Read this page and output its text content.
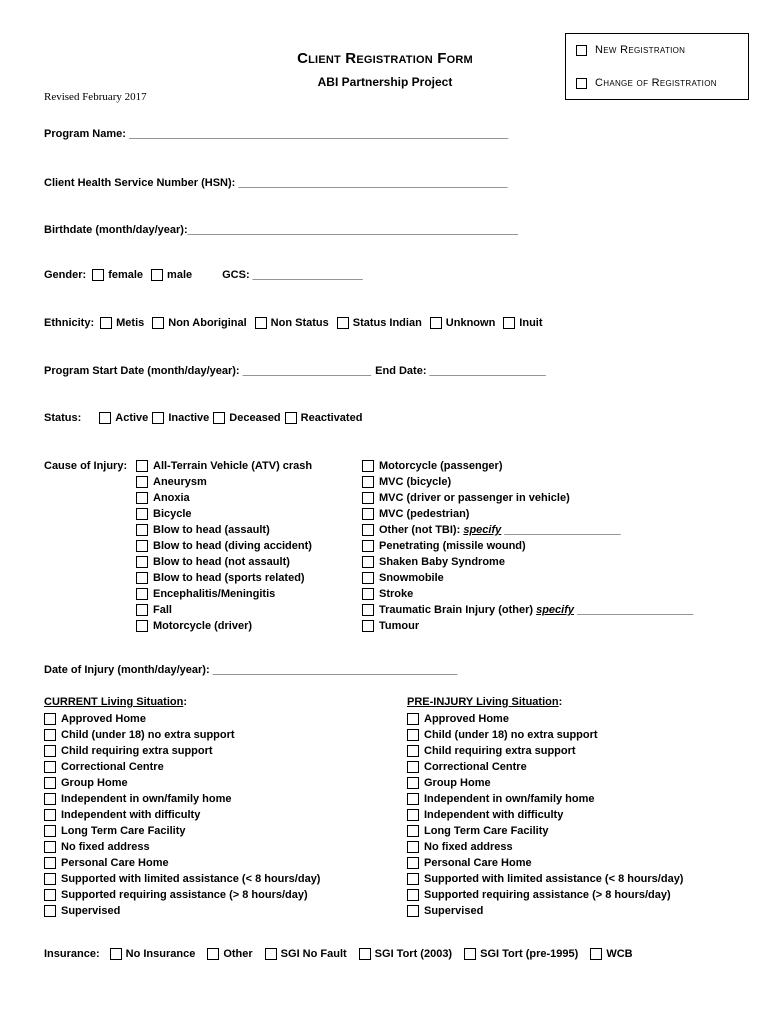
Client Registration Form
ABI Partnership Project
Revised February 2017
New Registration
Change of Registration
Program Name: ______________________________________________________________
Client Health Service Number (HSN): ____________________________________________
Birthdate (month/day/year):______________________________________________________
Gender: female male	GCS: __________________
Ethnicity: Metis Non Aboriginal Non Status Status Indian Unknown Inuit
Program Start Date (month/day/year): _____________________ End Date: ___________________
Status:	Active Inactive Deceased Reactivated
Cause of Injury: All-Terrain Vehicle (ATV) crash
Aneurysm
Anoxia
Bicycle
Blow to head (assault)
Blow to head (diving accident)
Blow to head (not assault)
Blow to head (sports related)
Encephalitis/Meningitis
Fall
Motorcycle (driver)
Motorcycle (passenger)
MVC (bicycle)
MVC (driver or passenger in vehicle)
MVC (pedestrian)
Other (not TBI): specify ___________________
Penetrating (missile wound)
Shaken Baby Syndrome
Snowmobile
Stroke
Traumatic Brain Injury (other) specify ___________________
Tumour
Date of Injury (month/day/year): ________________________________________
CURRENT Living Situation:
Approved Home
Child (under 18) no extra support
Child requiring extra support
Correctional Centre
Group Home
Independent in own/family home
Independent with difficulty
Long Term Care Facility
No fixed address
Personal Care Home
Supported with limited assistance (< 8 hours/day)
Supported requiring assistance (> 8 hours/day)
Supervised
PRE-INJURY Living Situation:
Approved Home
Child (under 18) no extra support
Child requiring extra support
Correctional Centre
Group Home
Independent in own/family home
Independent with difficulty
Long Term Care Facility
No fixed address
Personal Care Home
Supported with limited assistance (< 8 hours/day)
Supported requiring assistance (> 8 hours/day)
Supervised
Insurance: No Insurance	Other	SGI No Fault	SGI Tort (2003)	SGI Tort (pre-1995)	WCB
